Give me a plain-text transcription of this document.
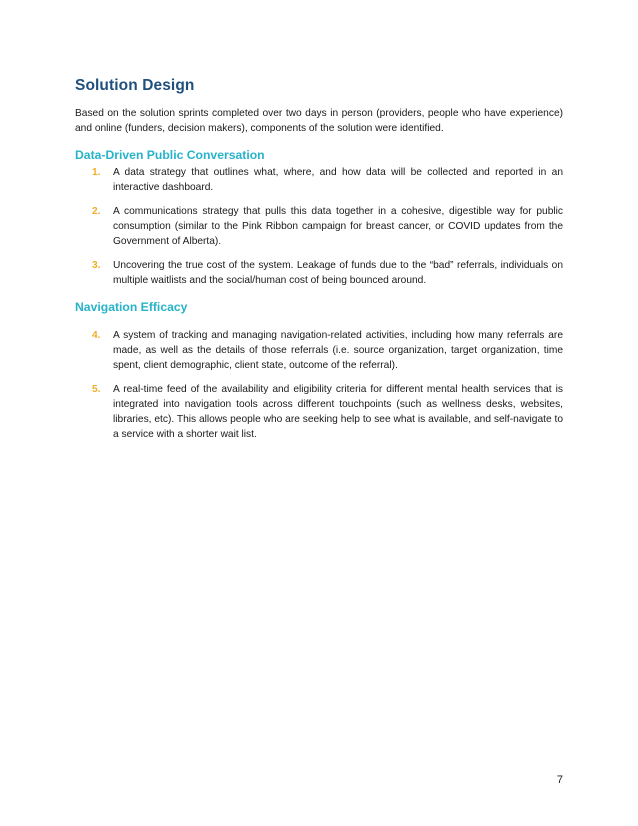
Solution Design

Based on the solution sprints completed over two days in person (providers, people who have experience) and online (funders, decision makers), components of the solution were identified.

Data-Driven Public Conversation
1. A data strategy that outlines what, where, and how data will be collected and reported in an interactive dashboard.
2. A communications strategy that pulls this data together in a cohesive, digestible way for public consumption (similar to the Pink Ribbon campaign for breast cancer, or COVID updates from the Government of Alberta).
3. Uncovering the true cost of the system. Leakage of funds due to the “bad” referrals, individuals on multiple waitlists and the social/human cost of being bounced around.
Navigation Efficacy
4. A system of tracking and managing navigation-related activities, including how many referrals are made, as well as the details of those referrals (i.e. source organization, target organization, time spent, client demographic, client state, outcome of the referral).
5. A real-time feed of the availability and eligibility criteria for different mental health services that is integrated into navigation tools across different touchpoints (such as wellness desks, websites, libraries, etc). This allows people who are seeking help to see what is available, and self-navigate to a service with a shorter wait list.
7
